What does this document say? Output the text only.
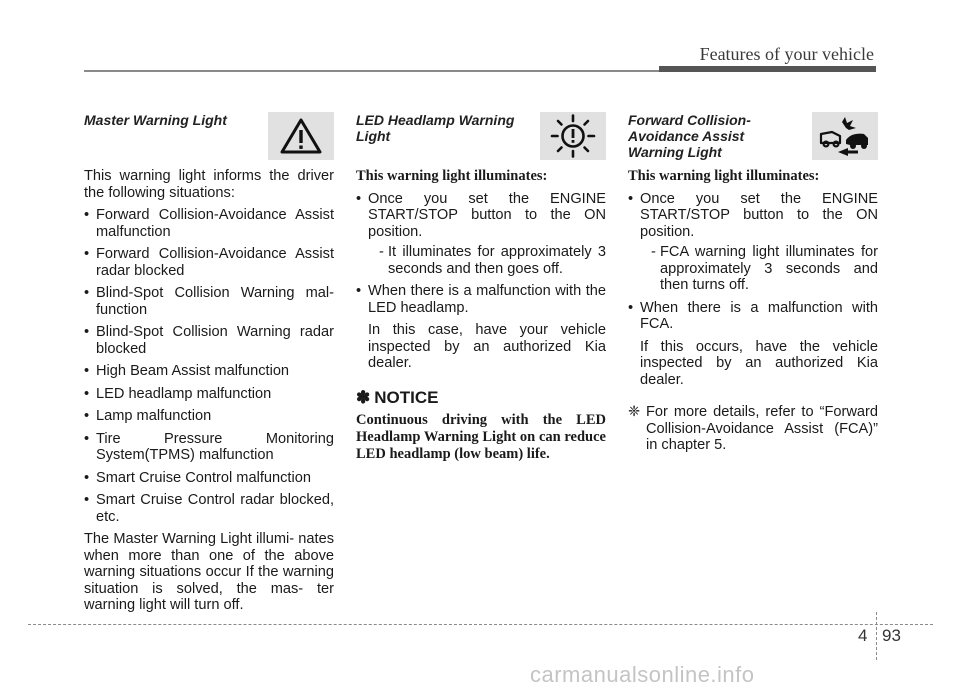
Features of your vehicle
Master Warning Light

This warning light informs the driver the following situations:

• Forward Collision-Avoidance Assist malfunction
• Forward Collision-Avoidance Assist radar blocked
• Blind-Spot Collision Warning mal- function
• Blind-Spot Collision Warning radar blocked
• High Beam Assist malfunction
• LED headlamp malfunction
• Lamp malfunction
• Tire Pressure Monitoring System(TPMS) malfunction
• Smart Cruise Control malfunction
• Smart Cruise Control radar blocked, etc.

The Master Warning Light illumi- nates when more than one of the above warning situations occur If the warning situation is solved, the mas- ter warning light will turn off.

LED Headlamp Warning Light

This warning light illuminates:

• Once you set the ENGINE START/STOP button to the ON position.
- It illuminates for approximately 3 seconds and then goes off.
• When there is a malfunction with the LED headlamp.

In this case, have your vehicle inspected by an authorized Kia dealer.

✽ NOTICE

Continuous driving with the LED Headlamp Warning Light on can reduce LED headlamp (low beam) life.

Forward Collision- Avoidance Assist Warning Light

This warning light illuminates:

• Once you set the ENGINE START/STOP button to the ON position.
- FCA warning light illuminates for approximately 3 seconds and then turns off.
• When there is a malfunction with FCA.

If this occurs, have the vehicle inspected by an authorized Kia dealer.

❈ For more details, refer to “Forward Collision-Avoidance Assist (FCA)” in chapter 5.
4 93
carmanualsonline.info
